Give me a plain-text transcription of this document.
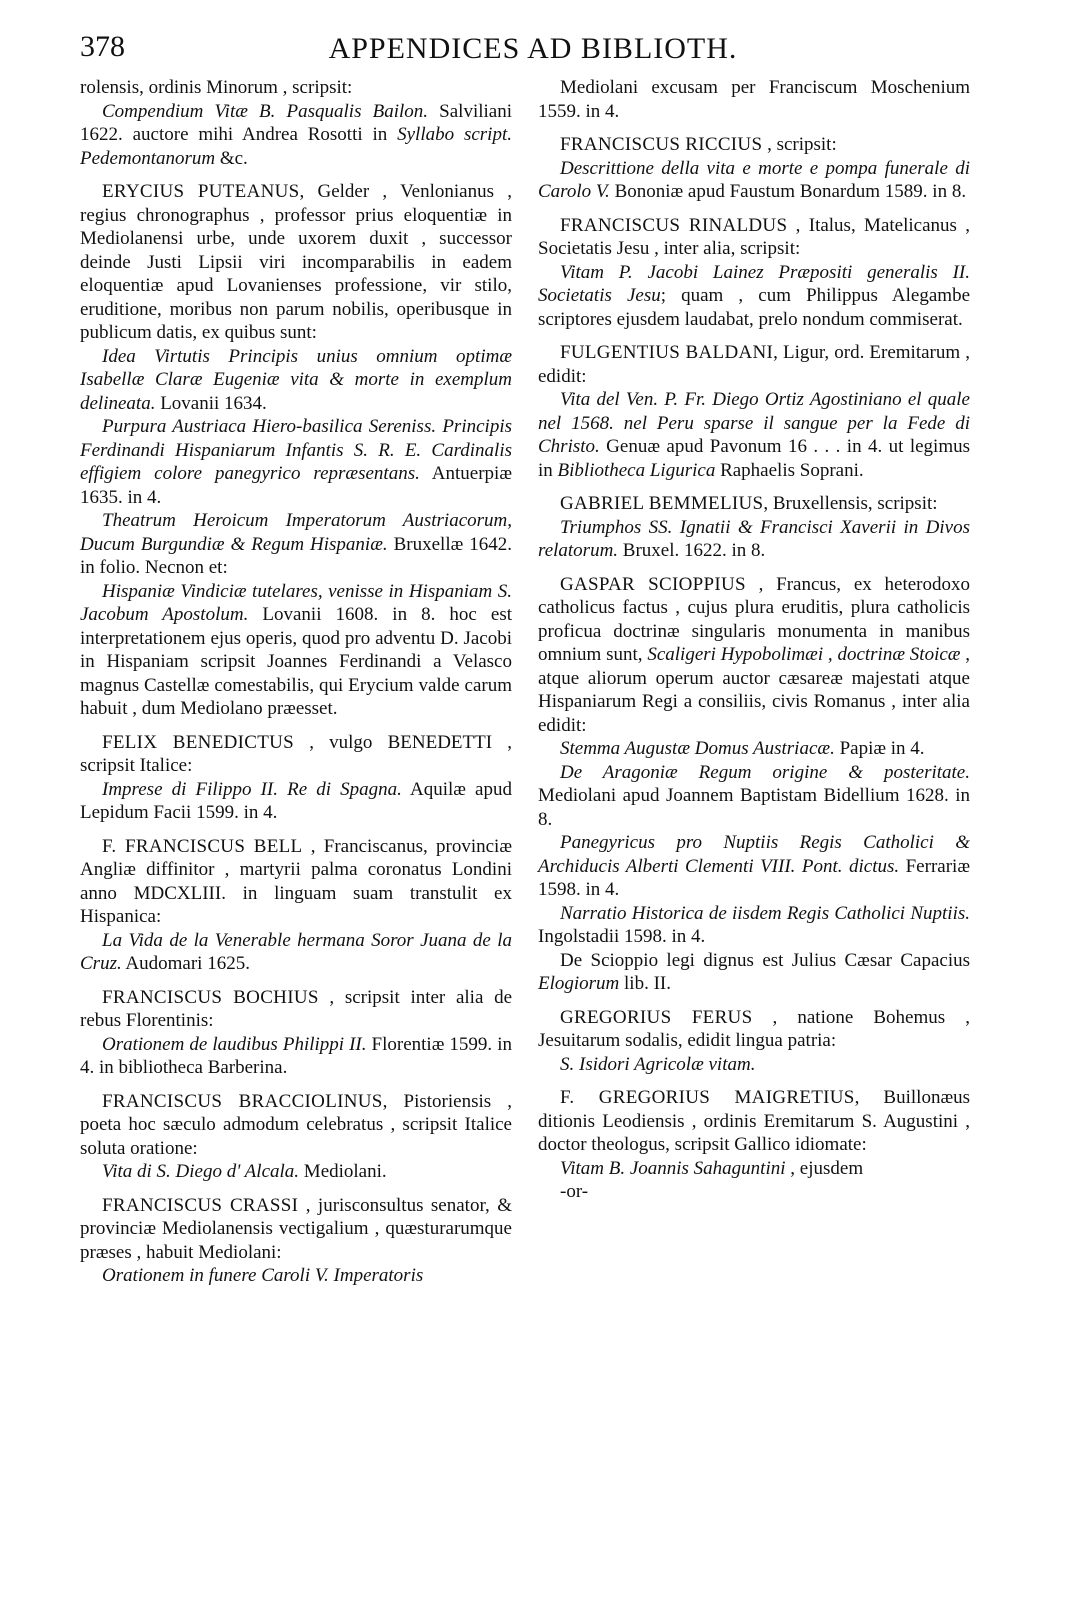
378	APPENDICES AD BIBLIOTH.

rolensis, ordinis Minorum , scripsit:

Compendium Vitæ B. Pasqualis Bailon. Salviliani 1622. auctore mihi Andrea Rosotti in Syllabo script. Pedemontanorum &c.

ERYCIUS PUTEANUS, Gelder , Venlonianus , regius chronographus , professor prius eloquentiæ in Mediolanensi urbe, unde uxorem duxit , successor deinde Justi Lipsii viri incomparabilis in eadem eloquentiæ apud Lovanienses professione, vir stilo, eruditione, moribus non parum nobilis, operibusque in publicum datis, ex quibus sunt:

Idea Virtutis Principis unius omnium optimæ Isabellæ Claræ Eugeniæ vita & morte in exemplum delineata. Lovanii 1634.

Purpura Austriaca Hiero-basilica Sereniss. Principis Ferdinandi Hispaniarum Infantis S. R. E. Cardinalis effigiem colore panegyrico repræsentans. Antuerpiæ 1635. in 4.

Theatrum Heroicum Imperatorum Austriacorum, Ducum Burgundiæ & Regum Hispaniæ. Bruxellæ 1642. in folio. Necnon et:

Hispaniæ Vindiciæ tutelares, venisse in Hispaniam S. Jacobum Apostolum. Lovanii 1608. in 8. hoc est interpretationem ejus operis, quod pro adventu D. Jacobi in Hispaniam scripsit Joannes Ferdinandi a Velasco magnus Castellæ comestabilis, qui Erycium valde carum habuit , dum Mediolano præesset.

FELIX BENEDICTUS , vulgo BENEDETTI , scripsit Italice:

Imprese di Filippo II. Re di Spagna. Aquilæ apud Lepidum Facii 1599. in 4.

F. FRANCISCUS BELL , Franciscanus, provinciæ Angliæ diffinitor , martyrii palma coronatus Londini anno MDCXLIII. in linguam suam transtulit ex Hispanica:

La Vida de la Venerable hermana Soror Juana de la Cruz. Audomari 1625.

FRANCISCUS BOCHIUS , scripsit inter alia de rebus Florentinis:

Orationem de laudibus Philippi II. Florentiæ 1599. in 4. in bibliotheca Barberina.

FRANCISCUS BRACCIOLINUS, Pistoriensis , poeta hoc sæculo admodum celebratus , scripsit Italice soluta oratione:

Vita di S. Diego d' Alcala. Mediolani.

FRANCISCUS CRASSI , jurisconsultus senator, & provinciæ Mediolanensis vectigalium , quæsturarumque præses , habuit Mediolani:

Orationem in funere Caroli V. Imperatoris

Mediolani excusam per Franciscum Moschenium 1559. in 4.

FRANCISCUS RICCIUS , scripsit:

Descrittione della vita e morte e pompa funerale di Carolo V. Bononiæ apud Faustum Bonardum 1589. in 8.

FRANCISCUS RINALDUS , Italus, Matelicanus , Societatis Jesu , inter alia, scripsit:

Vitam P. Jacobi Lainez Præpositi generalis II. Societatis Jesu; quam , cum Philippus Alegambe scriptores ejusdem laudabat, prelo nondum commiserat.

FULGENTIUS BALDANI, Ligur, ord. Eremitarum , edidit:

Vita del Ven. P. Fr. Diego Ortiz Agostiniano el quale nel 1568. nel Peru sparse il sangue per la Fede di Christo. Genuæ apud Pavonum 16 . . . in 4. ut legimus in Bibliotheca Ligurica Raphaelis Soprani.

GABRIEL BEMMELIUS, Bruxellensis, scripsit:

Triumphos SS. Ignatii & Francisci Xaverii in Divos relatorum. Bruxel. 1622. in 8.

GASPAR SCIOPPIUS , Francus, ex heterodoxo catholicus factus , cujus plura eruditis, plura catholicis proficua doctrinæ singularis monumenta in manibus omnium sunt, Scaligeri Hypobolimæi , doctrinæ Stoicæ , atque aliorum operum auctor cæsareæ majestati atque Hispaniarum Regi a consiliis, civis Romanus , inter alia edidit:

Stemma Augustæ Domus Austriacæ. Papiæ in 4.

De Aragoniæ Regum origine & posteritate. Mediolani apud Joannem Baptistam Bidellium 1628. in 8.

Panegyricus pro Nuptiis Regis Catholici & Archiducis Alberti Clementi VIII. Pont. dictus. Ferrariæ 1598. in 4.

Narratio Historica de iisdem Regis Catholici Nuptiis. Ingolstadii 1598. in 4.

De Scioppio legi dignus est Julius Cæsar Capacius Elogiorum lib. II.

GREGORIUS FERUS , natione Bohemus , Jesuitarum sodalis, edidit lingua patria:

S. Isidori Agricolæ vitam.

F. GREGORIUS MAIGRETIUS, Buillonæus ditionis Leodiensis , ordinis Eremitarum S. Augustini , doctor theologus, scripsit Gallico idiomate:

Vitam B. Joannis Sahaguntini , ejusdem

-or-
